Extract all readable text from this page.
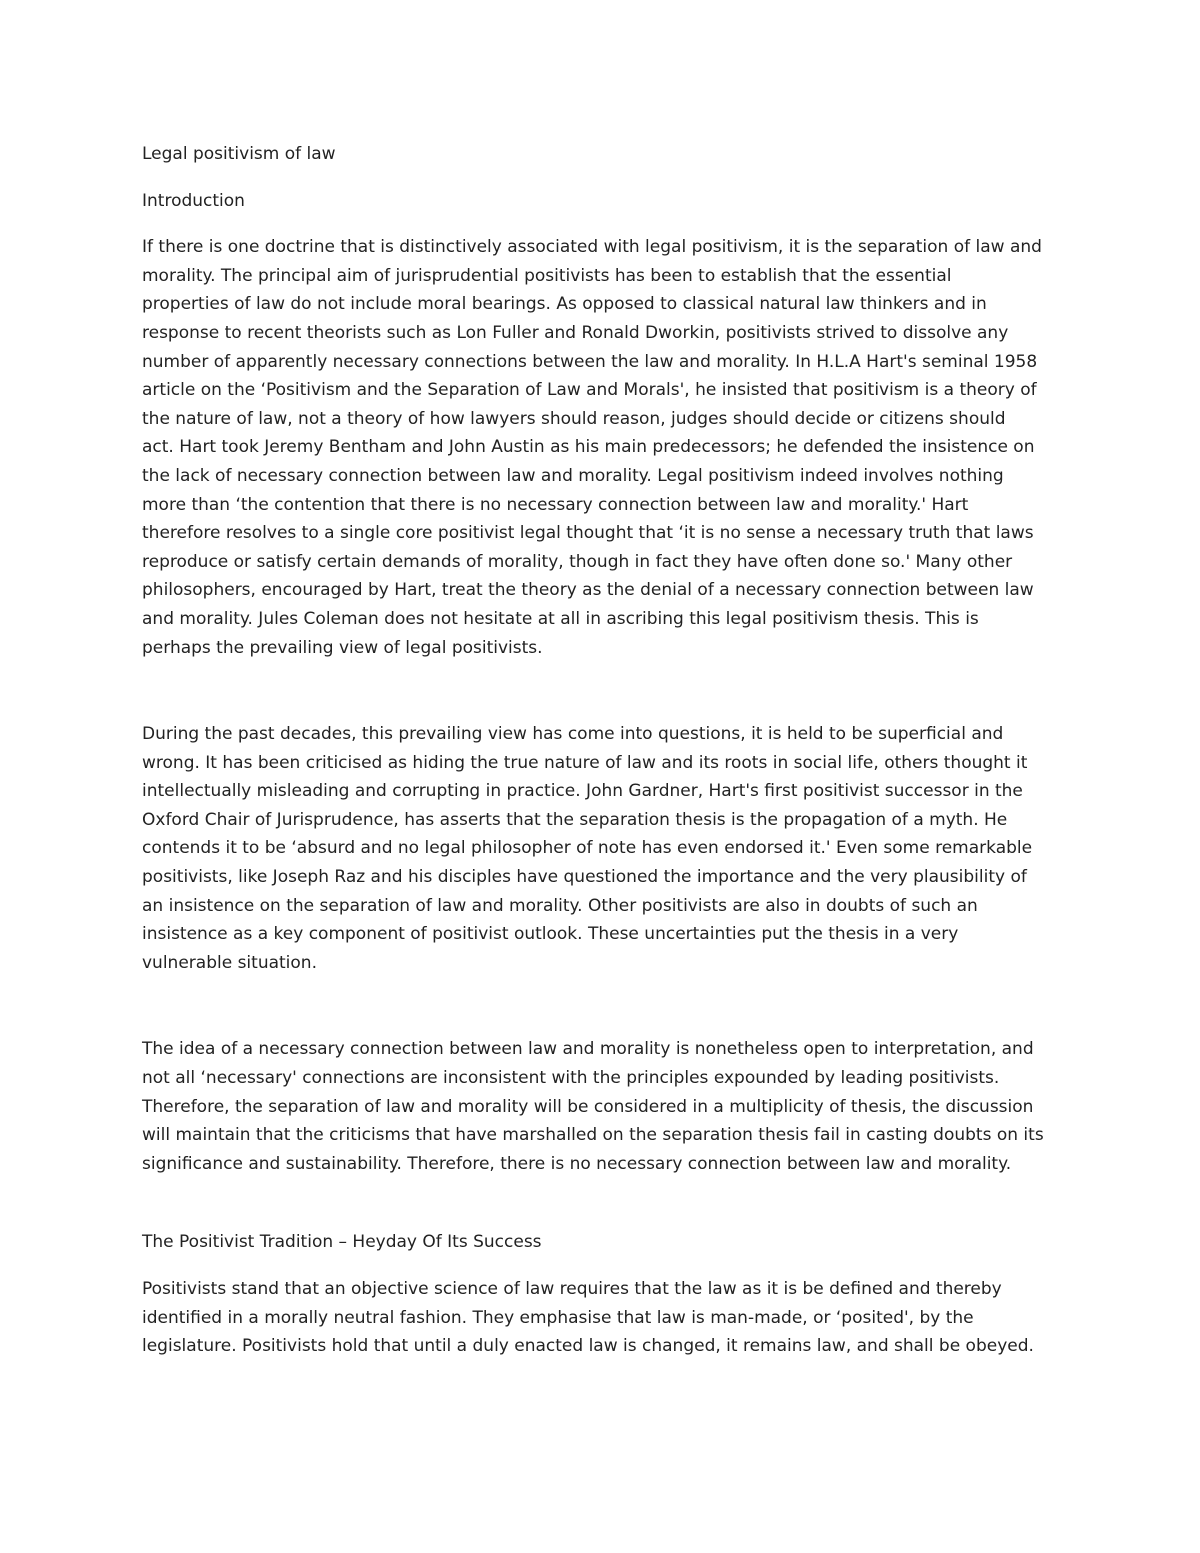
Legal positivism of law

Introduction

If there is one doctrine that is distinctively associated with legal positivism, it is the separation of law and

morality. The principal aim of jurisprudential positivists has been to establish that the essential

properties of law do not include moral bearings. As opposed to classical natural law thinkers and in

response to recent theorists such as Lon Fuller and Ronald Dworkin, positivists strived to dissolve any

number of apparently necessary connections between the law and morality. In H.L.A Hart's seminal 1958

article on the ‘Positivism and the Separation of Law and Morals', he insisted that positivism is a theory of

the nature of law, not a theory of how lawyers should reason, judges should decide or citizens should

act. Hart took Jeremy Bentham and John Austin as his main predecessors; he defended the insistence on

the lack of necessary connection between law and morality. Legal positivism indeed involves nothing

more than ‘the contention that there is no necessary connection between law and morality.' Hart

therefore resolves to a single core positivist legal thought that ‘it is no sense a necessary truth that laws

reproduce or satisfy certain demands of morality, though in fact they have often done so.' Many other

philosophers, encouraged by Hart, treat the theory as the denial of a necessary connection between law

and morality. Jules Coleman does not hesitate at all in ascribing this legal positivism thesis. This is

perhaps the prevailing view of legal positivists.

During the past decades, this prevailing view has come into questions, it is held to be superficial and

wrong. It has been criticised as hiding the true nature of law and its roots in social life, others thought it

intellectually misleading and corrupting in practice. John Gardner, Hart's first positivist successor in the

Oxford Chair of Jurisprudence, has asserts that the separation thesis is the propagation of a myth. He

contends it to be ‘absurd and no legal philosopher of note has even endorsed it.' Even some remarkable

positivists, like Joseph Raz and his disciples have questioned the importance and the very plausibility of

an insistence on the separation of law and morality. Other positivists are also in doubts of such an

insistence as a key component of positivist outlook. These uncertainties put the thesis in a very

vulnerable situation.

The idea of a necessary connection between law and morality is nonetheless open to interpretation, and

not all ‘necessary' connections are inconsistent with the principles expounded by leading positivists.

Therefore, the separation of law and morality will be considered in a multiplicity of thesis, the discussion

will maintain that the criticisms that have marshalled on the separation thesis fail in casting doubts on its

significance and sustainability. Therefore, there is no necessary connection between law and morality.

The Positivist Tradition – Heyday Of Its Success

Positivists stand that an objective science of law requires that the law as it is be defined and thereby

identified in a morally neutral fashion. They emphasise that law is man-made, or ‘posited', by the

legislature. Positivists hold that until a duly enacted law is changed, it remains law, and shall be obeyed.
